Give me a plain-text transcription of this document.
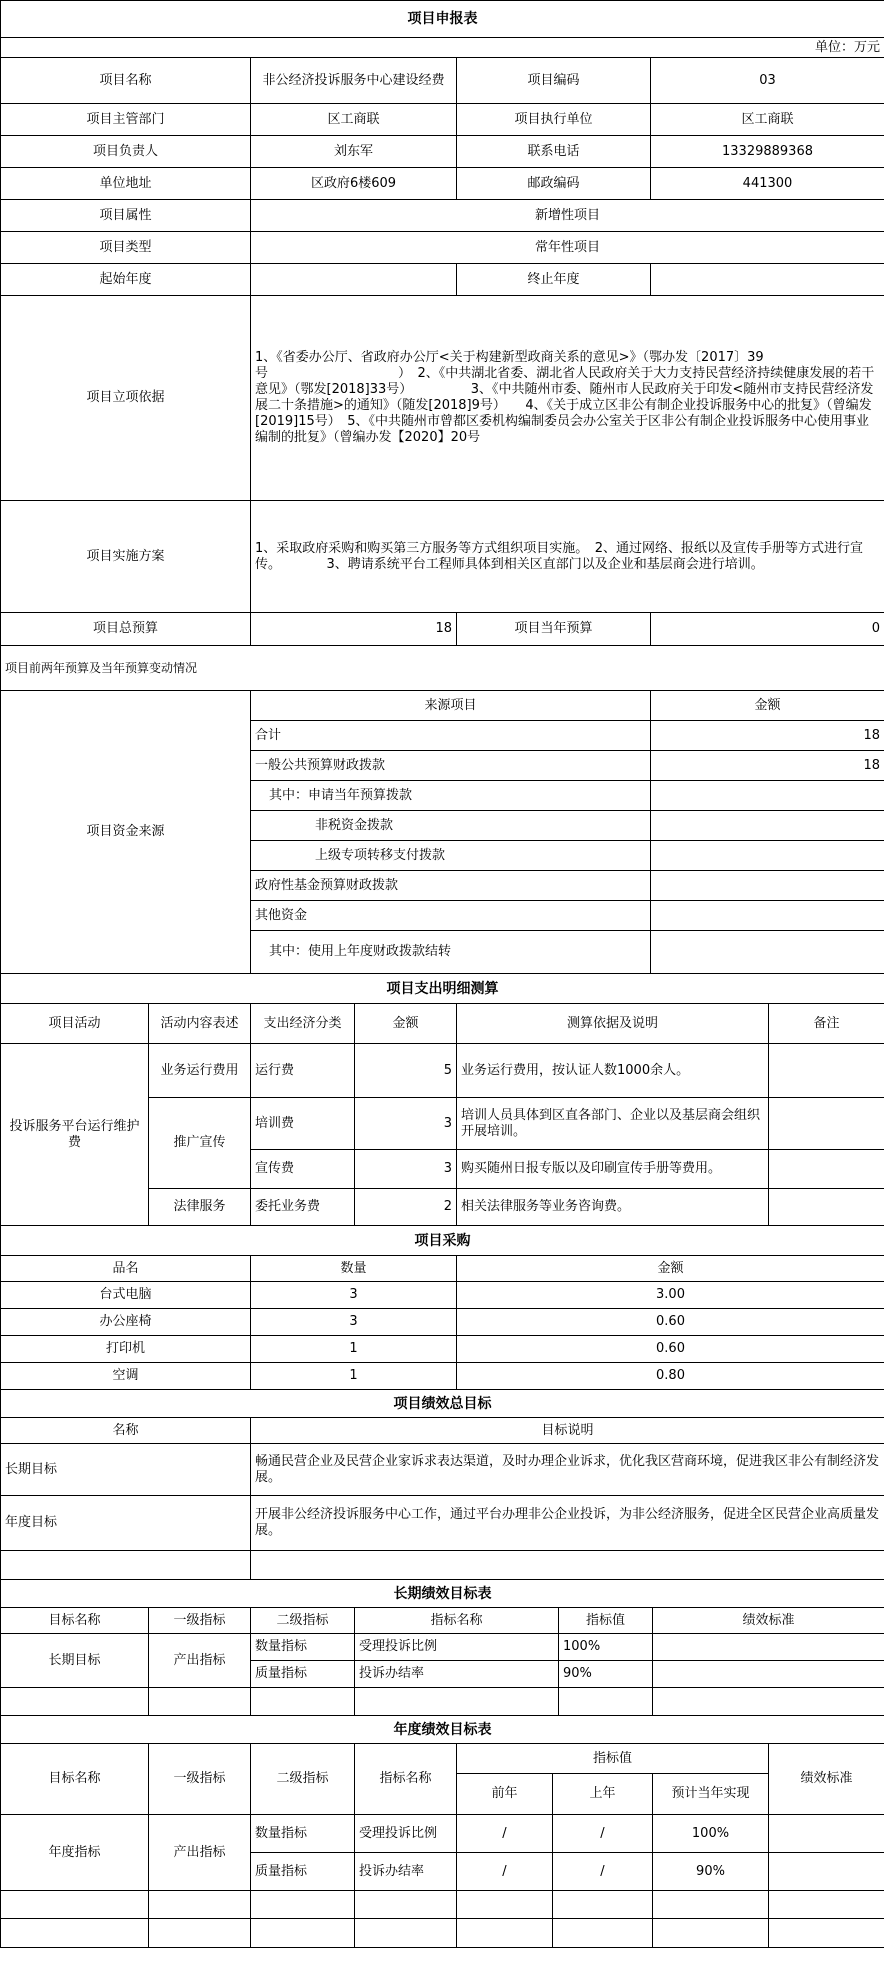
项目申报表			
单位：万元			
项目名称	非公经济投诉服务中心建设经费	项目编码	03
项目主管部门	区工商联	项目执行单位	区工商联
项目负责人	刘东军	联系电话	13329889368
单位地址	区政府6楼609	邮政编码	441300
项目属性	新增性项目		
项目类型	常年性项目		
起始年度		终止年度	
项目立项依据	1、《省委办公厅、省政府办公厅<关于构建新型政商关系的意见>》（鄂办发〔2017〕39号　　　　　　　　　　）　2、《中共湖北省委、湖北省人民政府关于大力支持民营经济持续健康发展的若干意见》（鄂发[2018]33号）　　　　　3、《中共随州市委、随州市人民政府关于印发<随州市支持民营经济发展二十条措施>的通知》（随发[2018]9号）　　4、《关于成立区非公有制企业投诉服务中心的批复》（曾编发[2019]15号）　5、《中共随州市曾都区委机构编制委员会办公室关于区非公有制企业投诉服务中心使用事业编制的批复》（曾编办发【2020】20号		
项目实施方案	1、采取政府采购和购买第三方服务等方式组织项目实施。　2、通过网络、报纸以及宣传手册等方式进行宣传。　　　　3、聘请系统平台工程师具体到相关区直部门以及企业和基层商会进行培训。		
项目总预算	18	项目当年预算	0
项目前两年预算及当年预算变动情况			
项目资金来源	来源项目		金额
	合计		18
	一般公共预算财政拨款		18
	其中：申请当年预算拨款		
	非税资金拨款		
	上级专项转移支付拨款		
	政府性基金预算财政拨款		
	其他资金		
	其中：使用上年度财政拨款结转		
项目支出明细测算					
项目活动	活动内容表述	支出经济分类	金额	测算依据及说明	备注
投诉服务平台运行维护费	业务运行费用	运行费	5	业务运行费用，按认证人数1000余人。	
	推广宣传	培训费	3	培训人员具体到区直各部门、企业以及基层商会组织开展培训。	
		宣传费	3	购买随州日报专版以及印刷宣传手册等费用。	
	法律服务	委托业务费	2	相关法律服务等业务咨询费。	
项目采购		
品名	数量	金额
台式电脑	3	3.00
办公座椅	3	0.60
打印机	1	0.60
空调	1	0.80
项目绩效总目标	
名称	目标说明
长期目标	畅通民营企业及民营企业家诉求表达渠道，及时办理企业诉求，优化我区营商环境，促进我区非公有制经济发展。
年度目标	开展非公经济投诉服务中心工作，通过平台办理非公企业投诉，为非公经济服务，促进全区民营企业高质量发展。

长期绩效目标表					
目标名称	一级指标	二级指标	指标名称	指标值	绩效标准
长期目标	产出指标	数量指标	受理投诉比例	100%	
		质量指标	投诉办结率	90%	

年度绩效目标表							
目标名称	一级指标	二级指标	指标名称	指标值			绩效标准
				前年	上年	预计当年实现	
年度指标	产出指标	数量指标	受理投诉比例	/	/	100%	
		质量指标	投诉办结率	/	/	90%	
